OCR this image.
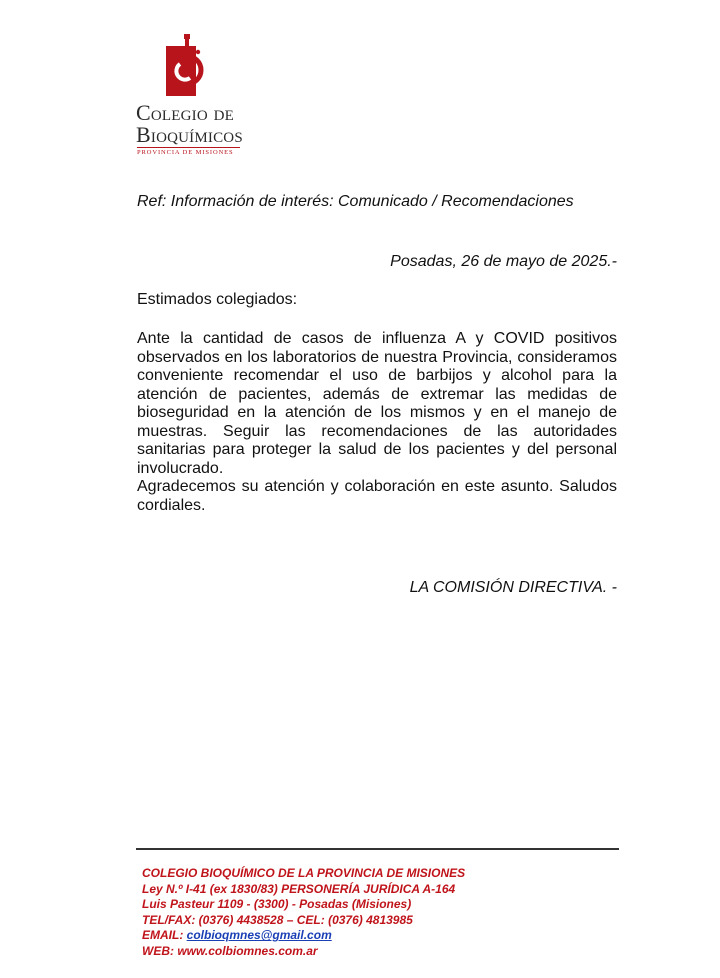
Colegio de
Bioquímicos
PROVINCIA DE MISIONES
Ref: Información de interés: Comunicado / Recomendaciones
Posadas, 26 de mayo de 2025.-
Estimados colegiados:

Ante la cantidad de casos de influenza A y COVID positivos observados en los laboratorios de nuestra Provincia, consideramos conveniente recomendar el uso de barbijos y alcohol para la atención de pacientes, además de extremar las medidas de bioseguridad en la atención de los mismos y en el manejo de muestras. Seguir las recomendaciones de las autoridades sanitarias para proteger la salud de los pacientes y del personal involucrado.

Agradecemos su atención y colaboración en este asunto. Saludos cordiales.

LA COMISIÓN DIRECTIVA. -
COLEGIO BIOQUÍMICO DE LA PROVINCIA DE MISIONES
Ley N.º I-41 (ex 1830/83) PERSONERÍA JURÍDICA A-164
Luis Pasteur 1109 - (3300) - Posadas (Misiones)
TEL/FAX: (0376) 4438528 – CEL: (0376) 4813985
EMAIL: colbioqmnes@gmail.com
WEB: www.colbiomnes.com.ar
